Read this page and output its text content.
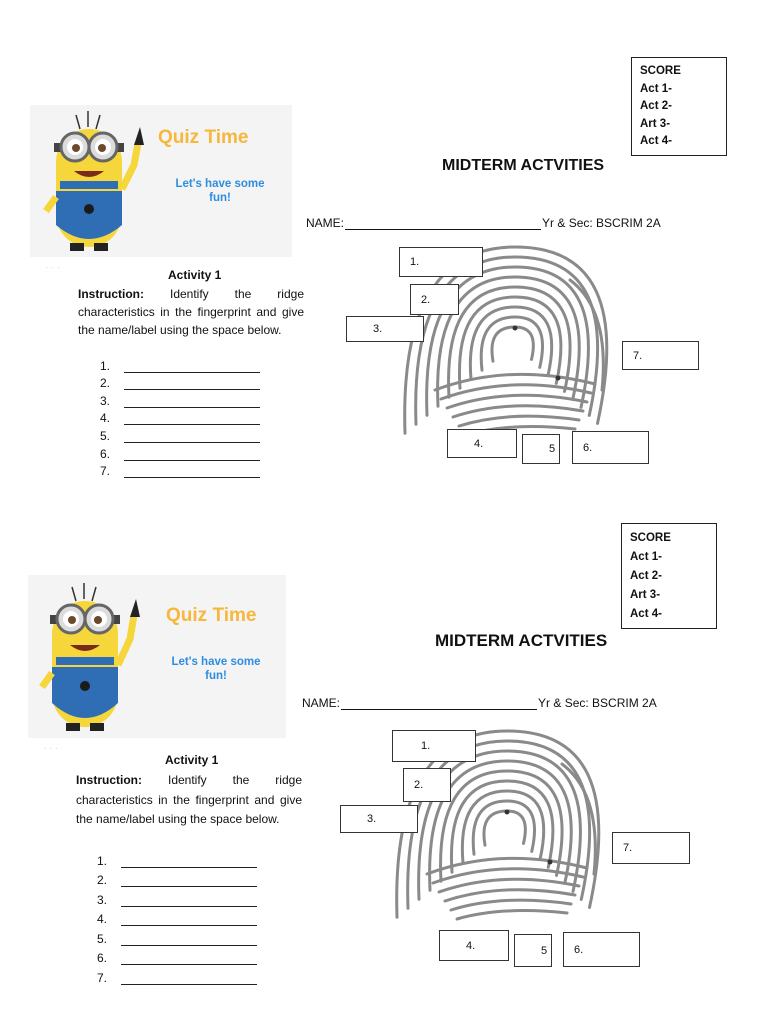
Quiz Time
Let's have some fun!
· · ·
SCORE
Act 1-
Act 2-
Art 3-
Act 4-
MIDTERM ACTVITIES
NAME:	Yr & Sec: BSCRIM 2A
Activity 1
Instruction: Identify the ridge characteristics in the fingerprint and give the name/label using the space below.
1.
2.
3.
4.
5.
6.
7.
1.
2.
3.
4.	5	6.
7.
Quiz Time
Let's have some fun!
· · ·
SCORE
Act 1-
Act 2-
Art 3-
Act 4-
MIDTERM ACTVITIES
NAME:	Yr & Sec: BSCRIM 2A
Activity 1
Instruction: Identify the ridge characteristics in the fingerprint and give the name/label using the space below.
1.
2.
3.
4.
5.
6.
7.
1.
2.
3.
4.	5	6.
7.
